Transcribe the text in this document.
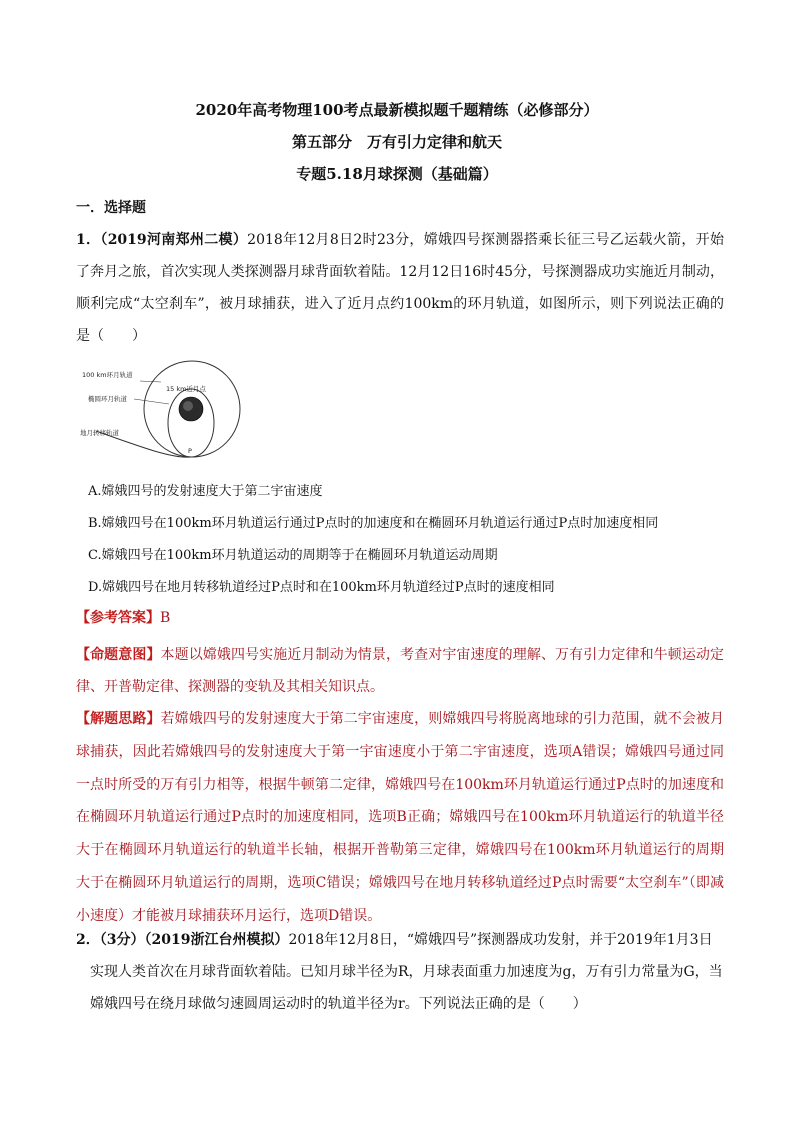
2020年高考物理100考点最新模拟题千题精练（必修部分）
第五部分　万有引力定律和航天
专题5.18月球探测（基础篇）
一．选择题

1．（2019河南郑州二模）2018年12月8日2时23分，嫦娥四号探测器搭乘长征三号乙运载火箭，开始了奔月之旅，首次实现人类探测器月球背面软着陆。12月12日16时45分，号探测器成功实施近月制动，顺利完成“太空刹车”，被月球捕获，进入了近月点约100km的环月轨道，如图所示，则下列说法正确的是（　　）

100 km环月轨道
15 km近月点
椭圆环月轨道
地月转移轨道
P
A.嫦娥四号的发射速度大于第二宇宙速度
B.嫦娥四号在100km环月轨道运行通过P点时的加速度和在椭圆环月轨道运行通过P点时加速度相同
C.嫦娥四号在100km环月轨道运动的周期等于在椭圆环月轨道运动周期
D.嫦娥四号在地月转移轨道经过P点时和在100km环月轨道经过P点时的速度相同
【参考答案】B

【命题意图】本题以嫦娥四号实施近月制动为情景，考查对宇宙速度的理解、万有引力定律和牛顿运动定律、开普勒定律、探测器的变轨及其相关知识点。

【解题思路】若嫦娥四号的发射速度大于第二宇宙速度，则嫦娥四号将脱离地球的引力范围，就不会被月球捕获，因此若嫦娥四号的发射速度大于第一宇宙速度小于第二宇宙速度，选项A错误；嫦娥四号通过同一点时所受的万有引力相等，根据牛顿第二定律，嫦娥四号在100km环月轨道运行通过P点时的加速度和在椭圆环月轨道运行通过P点时的加速度相同，选项B正确；嫦娥四号在100km环月轨道运行的轨道半径大于在椭圆环月轨道运行的轨道半长轴，根据开普勒第三定律，嫦娥四号在100km环月轨道运行的周期大于在椭圆环月轨道运行的周期，选项C错误；嫦娥四号在地月转移轨道经过P点时需要“太空刹车”（即减小速度）才能被月球捕获环月运行，选项D错误。

2．（3分）（2019浙江台州模拟）2018年12月8日，“嫦娥四号”探测器成功发射，并于2019年1月3日
实现人类首次在月球背面软着陆。已知月球半径为R，月球表面重力加速度为g，万有引力常量为G，当
嫦娥四号在绕月球做匀速圆周运动时的轨道半径为r。下列说法正确的是（　　）
